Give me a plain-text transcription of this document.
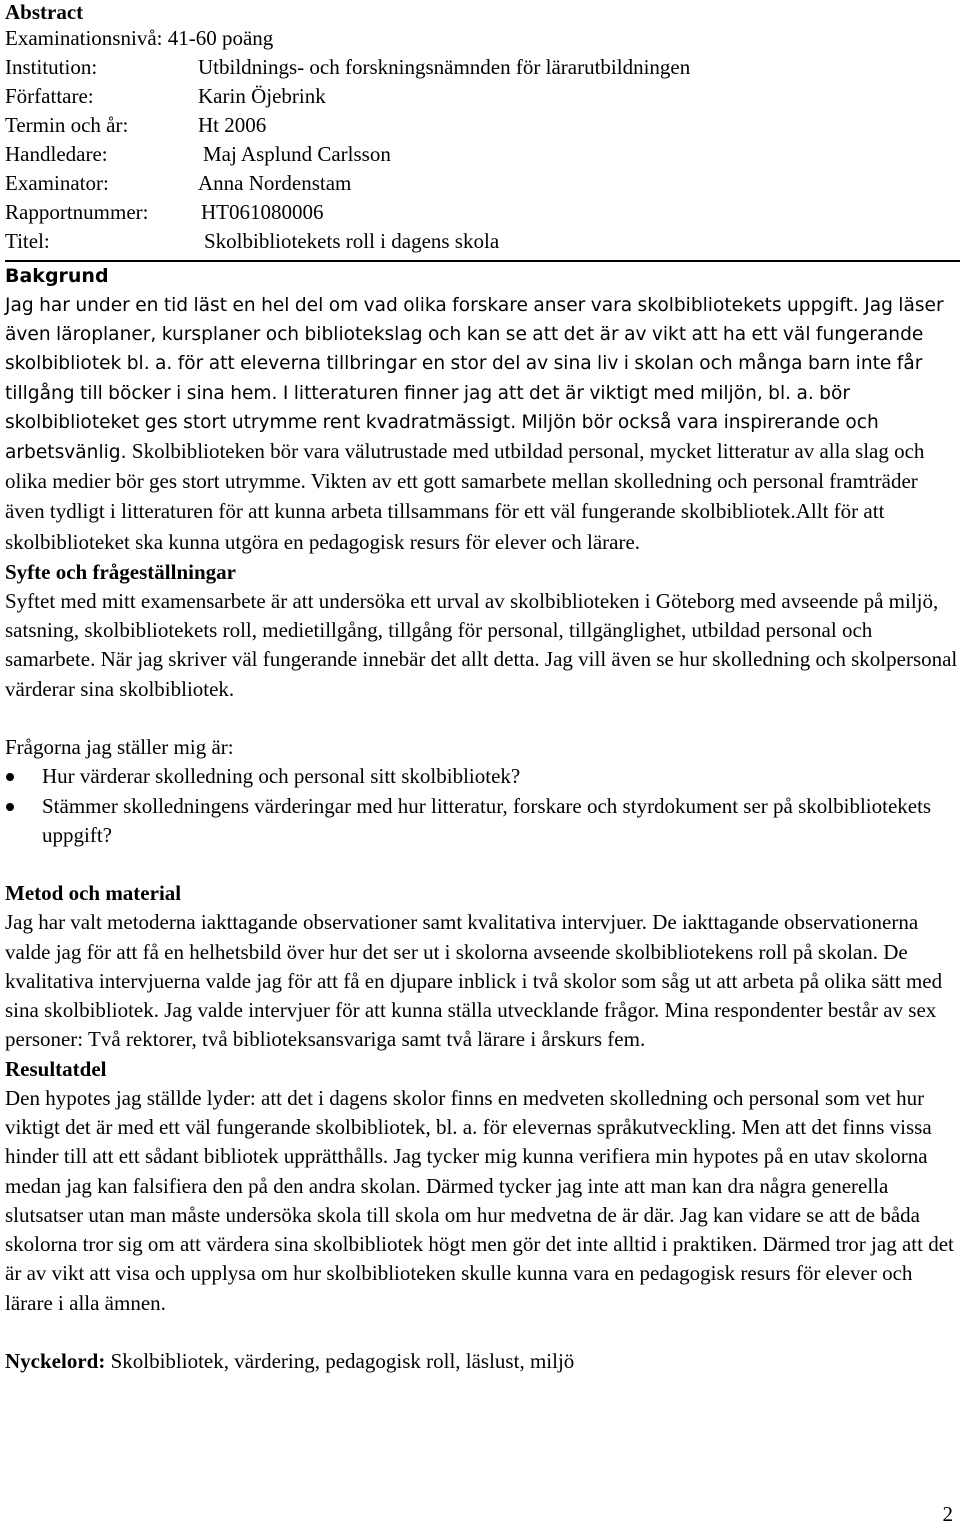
Abstract
Examinationsnivå: 41-60 poäng
Institution:	Utbildnings- och forskningsnämnden för lärarutbildningen
Författare:	Karin Öjebrink
Termin och år:	Ht 2006
Handledare:	Maj Asplund Carlsson
Examinator:	Anna Nordenstam
Rapportnummer:	HT061080006
Titel:	Skolbibliotekets roll i dagens skola
Bakgrund

Jag har under en tid läst en hel del om vad olika forskare anser vara skolbibliotekets uppgift. Jag läser även läroplaner, kursplaner och bibliotekslag och kan se att det är av vikt att ha ett väl fungerande skolbibliotek bl. a. för att eleverna tillbringar en stor del av sina liv i skolan och många barn inte får tillgång till böcker i sina hem. I litteraturen finner jag att det är viktigt med miljön, bl. a. bör skolbiblioteket ges stort utrymme rent kvadratmässigt. Miljön bör också vara inspirerande och arbetsvänlig. Skolbiblioteken bör vara välutrustade med utbildad personal, mycket litteratur av alla slag och olika medier bör ges stort utrymme. Vikten av ett gott samarbete mellan skolledning och personal framträder även tydligt i litteraturen för att kunna arbeta tillsammans för ett väl fungerande skolbibliotek.Allt för att skolbiblioteket ska kunna utgöra en pedagogisk resurs för elever och lärare.

Syfte och frågeställningar

Syftet med mitt examensarbete är att undersöka ett urval av skolbiblioteken i Göteborg med avseende på miljö, satsning, skolbibliotekets roll, medietillgång, tillgång för personal, tillgänglighet, utbildad personal och samarbete. När jag skriver väl fungerande innebär det allt detta. Jag vill även se hur skolledning och skolpersonal värderar sina skolbibliotek.

Frågorna jag ställer mig är:

Hur värderar skolledning och personal sitt skolbibliotek?
Stämmer skolledningens värderingar med hur litteratur, forskare och styrdokument ser på skolbibliotekets uppgift?
Metod och material

Jag har valt metoderna iakttagande observationer samt kvalitativa intervjuer. De iakttagande observationerna valde jag för att få en helhetsbild över hur det ser ut i skolorna avseende skolbibliotekens roll på skolan. De kvalitativa intervjuerna valde jag för att få en djupare inblick i två skolor som såg ut att arbeta på olika sätt med sina skolbibliotek. Jag valde intervjuer för att kunna ställa utvecklande frågor. Mina respondenter består av sex personer: Två rektorer, två biblioteksansvariga samt två lärare i årskurs fem.

Resultatdel

Den hypotes jag ställde lyder: att det i dagens skolor finns en medveten skolledning och personal som vet hur viktigt det är med ett väl fungerande skolbibliotek, bl. a. för elevernas språkutveckling. Men att det finns vissa hinder till att ett sådant bibliotek upprätthålls. Jag tycker mig kunna verifiera min hypotes på en utav skolorna medan jag kan falsifiera den på den andra skolan. Därmed tycker jag inte att man kan dra några generella slutsatser utan man måste undersöka skola till skola om hur medvetna de är där. Jag kan vidare se att de båda skolorna tror sig om att värdera sina skolbibliotek högt men gör det inte alltid i praktiken. Därmed tror jag att det är av vikt att visa och upplysa om hur skolbiblioteken skulle kunna vara en pedagogisk resurs för elever och lärare i alla ämnen.

Nyckelord: Skolbibliotek, värdering, pedagogisk roll, läslust, miljö

2
